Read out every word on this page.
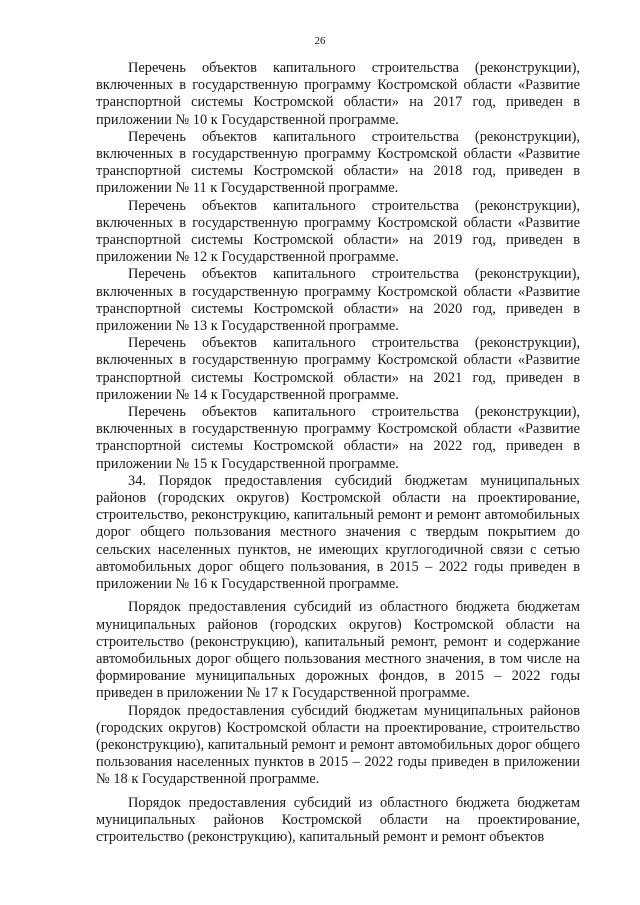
26

Перечень объектов капитального строительства (реконструкции), включенных в государственную программу Костромской области «Развитие транспортной системы Костромской области» на 2017 год, приведен в приложении № 10 к Государственной программе.

Перечень объектов капитального строительства (реконструкции), включенных в государственную программу Костромской области «Развитие транспортной системы Костромской области» на 2018 год, приведен в приложении № 11 к Государственной программе.

Перечень объектов капитального строительства (реконструкции), включенных в государственную программу Костромской области «Развитие транспортной системы Костромской области» на 2019 год, приведен в приложении № 12 к Государственной программе.

Перечень объектов капитального строительства (реконструкции), включенных в государственную программу Костромской области «Развитие транспортной системы Костромской области» на 2020 год, приведен в приложении № 13 к Государственной программе.

Перечень объектов капитального строительства (реконструкции), включенных в государственную программу Костромской области «Развитие транспортной системы Костромской области» на 2021 год, приведен в приложении № 14 к Государственной программе.

Перечень объектов капитального строительства (реконструкции), включенных в государственную программу Костромской области «Развитие транспортной системы Костромской области» на 2022 год, приведен в приложении № 15 к Государственной программе.

34. Порядок предоставления субсидий бюджетам муниципальных районов (городских округов) Костромской области на проектирование, строительство, реконструкцию, капитальный ремонт и ремонт автомобильных дорог общего пользования местного значения с твердым покрытием до сельских населенных пунктов, не имеющих круглогодичной связи с сетью автомобильных дорог общего пользования, в 2015 – 2022 годы приведен в приложении № 16 к Государственной программе.

Порядок предоставления субсидий из областного бюджета бюджетам муниципальных районов (городских округов) Костромской области на строительство (реконструкцию), капитальный ремонт, ремонт и содержание автомобильных дорог общего пользования местного значения, в том числе на формирование муниципальных дорожных фондов, в 2015 – 2022 годы приведен в приложении № 17 к Государственной программе.

Порядок предоставления субсидий бюджетам муниципальных районов (городских округов) Костромской области на проектирование, строительство (реконструкцию), капитальный ремонт и ремонт автомобильных дорог общего пользования населенных пунктов в 2015 – 2022 годы приведен в приложении № 18 к Государственной программе.

Порядок предоставления субсидий из областного бюджета бюджетам муниципальных районов Костромской области на проектирование, строительство (реконструкцию), капитальный ремонт и ремонт объектов
